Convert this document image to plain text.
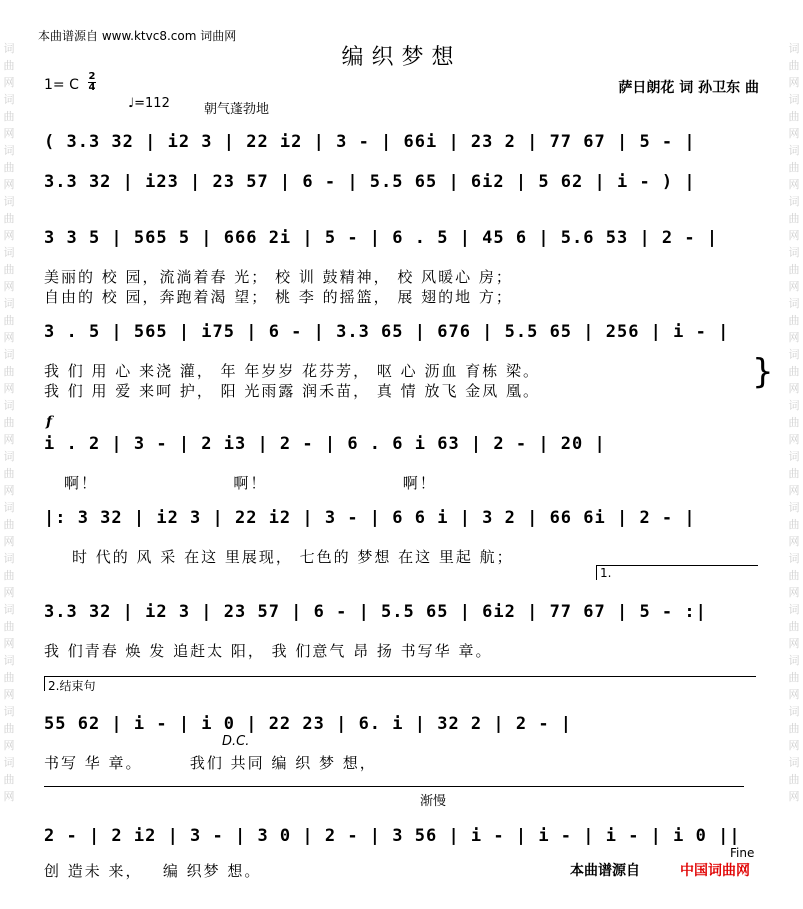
词曲网词曲网词曲网词曲网词曲网词曲网词曲网词曲网词曲网词曲网词曲网词曲网词曲网词曲网词曲网
词曲网词曲网词曲网词曲网词曲网词曲网词曲网词曲网词曲网词曲网词曲网词曲网词曲网词曲网词曲网
本曲谱源自 www.ktvc8.com 词曲网
编织梦想
1= C
2
4
♩=112	朝气蓬勃地
萨日朗花 词 孙卫东 曲
( 3.3 32 | i2 3 | 22 i2 | 3 - | 66i | 23 2 | 77 67 | 5 - |
3.3 32 | i23 | 23 57 | 6 - | 5.5 65 | 6i2 | 5 62 | i - ) |
3 3 5 | 565 5 | 666 2i | 5 - | 6 . 5 | 45 6 | 5.6 53 | 2 - |
美丽的 校 园，流淌着春 光； 校 训 鼓精神， 校 风暖心 房；
自由的 校 园，奔跑着渴 望； 桃 李 的摇篮， 展 翅的地 方；
3 . 5 | 565 | i75 | 6 - | 3.3 65 | 676 | 5.5 65 | 256 | i - |
我 们 用 心 来浇 灌， 年 年岁岁 花芬芳， 呕 心 沥血 育栋 梁。
我 们 用 爱 来呵 护， 阳 光雨露 润禾苗， 真 情 放飞 金凤 凰。	}
f
i . 2 | 3 - | 2 i3 | 2 - | 6 . 6 i 63 | 2 - | 20 |
啊！                    啊！                    啊！
|: 3 32 | i2 3 | 22 i2 | 3 - | 6 6 i | 3 2 | 66 6i | 2 - |
时 代的 风 采 在这 里展现， 七色的 梦想 在这 里起 航；
1.
3.3 32 | i2 3 | 23 57 | 6 - | 5.5 65 | 6i2 | 77 67 | 5 - :|
我 们青春 焕 发 追赶太 阳， 我 们意气 昂 扬 书写华 章。
2.结束句
55 62 | i - | i 0 | 22 23 | 6. i | 32 2 | 2 - |
D.C.
书写 华 章。       我们 共同 编 织 梦 想，
渐慢
2 - | 2 i2 | 3 - | 3 0 | 2 - | 3 56 | i - | i - | i - | i 0 ||
Fine
创 造未 来，   编 织梦 想。	本曲谱源自	中国词曲网
